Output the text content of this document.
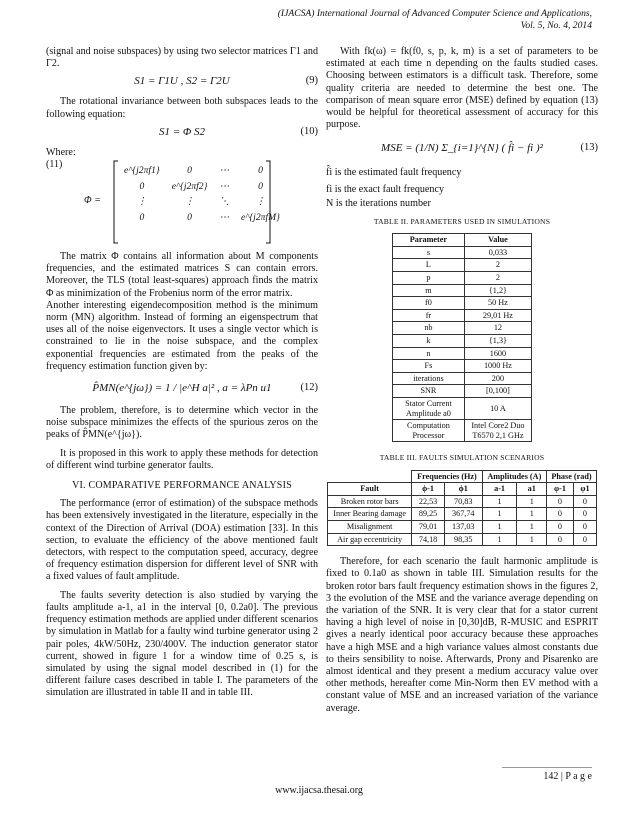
(IJACSA) International Journal of Advanced Computer Science and Applications,
Vol. 5, No. 4, 2014

(signal and noise subspaces) by using two selector matrices Γ1 and Γ2.

S1 = Γ1U , S2 = Γ2U	(9)

The rotational invariance between both subspaces leads to the following equation:

S1 = Φ S2	(10)

Where:

Φ =
e^{j2πf1}	0	⋯	0
0	e^{j2πf2}	⋯	0
⋮	⋮	⋱	⋮
0	0	⋯	e^{j2πfM}
(11)

The matrix Φ contains all information about M components frequencies, and the estimated matrices S can contain errors. Moreover, the TLS (total least-squares) approach finds the matrix Φ as minimization of the Frobenius norm of the error matrix.

Another interesting eigendecomposition method is the minimum norm (MN) algorithm. Instead of forming an eigenspectrum that uses all of the noise eigenvectors. It uses a single vector which is constrained to lie in the noise subspace, and the complex exponential frequencies are estimated from the peaks of the frequency estimation function given by:

P̂MN(e^{jω}) = 1 / |e^H a|² , a = λPn u1	(12)

The problem, therefore, is to determine which vector in the noise subspace minimizes the effects of the spurious zeros on the peaks of P̂MN(e^{jω}).

It is proposed in this work to apply these methods for detection of different wind turbine generator faults.

VI. COMPARATIVE PERFORMANCE ANALYSIS

The performance (error of estimation) of the subspace methods has been extensively investigated in the literature, especially in the context of the Direction of Arrival (DOA) estimation [33]. In this section, to evaluate the efficiency of the above mentioned fault detectors, with respect to the computation speed, accuracy, degree of frequency estimation dispersion for different level of SNR with a fixed values of fault amplitude.

The faults severity detection is also studied by varying the faults amplitude a-1, a1 in the interval [0, 0.2a0]. The previous frequency estimation methods are applied under different scenarios by simulation in Matlab for a faulty wind turbine generator using 2 pair poles, 4kW/50Hz, 230/400V. The induction generator stator current, showed in figure 1 for a window time of 0.25 s, is simulated by using the signal model described in (1) for the different failure cases described in table I. The parameters of the simulation are illustrated in table II and in table III.

With fk(ω) = fk(f0, s, p, k, m) is a set of parameters to be estimated at each time n depending on the faults studied cases. Choosing between estimators is a difficult task. Therefore, some quality criteria are needed to determine the best one. The comparison of mean square error (MSE) defined by equation (13) would be helpful for theoretical assessment of accuracy for this purpose.

MSE = (1/N) Σ_{i=1}^{N} ( f̂i − fi )²	(13)

f̂i is the estimated fault frequency

fi is the exact fault frequency

N is the iterations number

TABLE II. PARAMETERS USED IN SIMULATIONS
Parameter	Value
s	0,033
L	2
p	2
m	{1,2}
f0	50 Hz
fr	29,01 Hz
nb	12
k	{1,3}
n	1600
Fs	1000 Hz
iterations	200
SNR	[0,100]
Stator Current Amplitude a0	10 A
Computation Processor	Intel Core2 Duo T6570 2,1 GHz
TABLE III. FAULTS SIMULATION SCENARIOS
	Frequencies (Hz)		Amplitudes (A)		Phase (rad)	
Fault	ϕ-1	ϕ1	a-1	a1	φ-1	φ1
Broken rotor bars	22,53	70,83	1	1	0	0
Inner Bearing damage	89,25	367,74	1	1	0	0
Misalignment	79,01	137,03	1	1	0	0
Air gap eccentricity	74,18	98,35	1	1	0	0

Therefore, for each scenario the fault harmonic amplitude is fixed to 0.1a0 as shown in table III. Simulation results for the broken rotor bars fault frequency estimation shows in the figures 2, 3 the evolution of the MSE and the variance average depending on the variation of the SNR. It is very clear that for a stator current having a high level of noise in [0,30]dB, R-MUSIC and ESPRIT gives a nearly identical poor accuracy because these approaches have a high MSE and a high variance values almost constants due to theirs sensibility to noise. Afterwards, Prony and Pisarenko are almost identical and they present a medium accuracy value over other methods, hereafter come Min-Norm then EV method with a constant value of MSE and an increased variation of the variance average.

142 | P a g e
www.ijacsa.thesai.org
